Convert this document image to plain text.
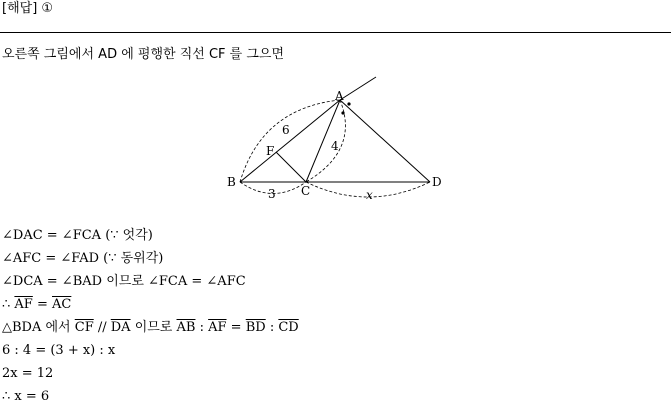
[해답] ①
오른쪽 그림에서 AD 에 평행한 직선 CF 를 그으면
A
B
C
D
F
6
4
3	x
∠DAC = ∠FCA (∵ 엇각)
∠AFC = ∠FAD (∵ 동위각)
∠DCA = ∠BAD 이므로 ∠FCA = ∠AFC
∴ $\overline{AF} = \overline{AC}$
△BDA 에서 $\overline{CF} // \overline{DA}$ 이므로 $\overline{AB}$ : $\overline{AF} = \overline{BD}$ : $\overline{CD}$
6 : 4 = (3 + x) : x
2x = 12
∴ x = 6
